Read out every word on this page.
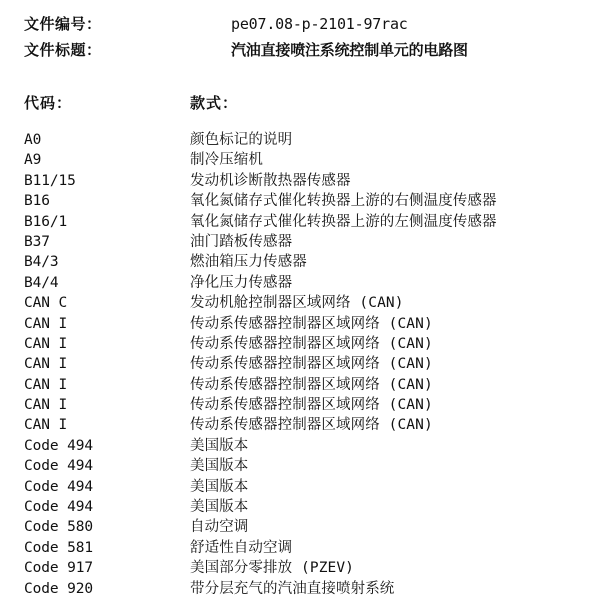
文件编号：	pe07.08-p-2101-97rac
文件标题：	汽油直接喷注系统控制单元的电路图
代码：	款式：
A0	颜色标记的说明
A9	制冷压缩机
B11/15	发动机诊断散热器传感器
B16	氧化氮储存式催化转换器上游的右侧温度传感器
B16/1	氧化氮储存式催化转换器上游的左侧温度传感器
B37	油门踏板传感器
B4/3	燃油箱压力传感器
B4/4	净化压力传感器
CAN C	发动机舱控制器区域网络 (CAN)
CAN I	传动系传感器控制器区域网络 (CAN)
CAN I	传动系传感器控制器区域网络 (CAN)
CAN I	传动系传感器控制器区域网络 (CAN)
CAN I	传动系传感器控制器区域网络 (CAN)
CAN I	传动系传感器控制器区域网络 (CAN)
CAN I	传动系传感器控制器区域网络 (CAN)
Code 494	美国版本
Code 494	美国版本
Code 494	美国版本
Code 494	美国版本
Code 580	自动空调
Code 581	舒适性自动空调
Code 917	美国部分零排放 (PZEV)
Code 920	带分层充气的汽油直接喷射系统
